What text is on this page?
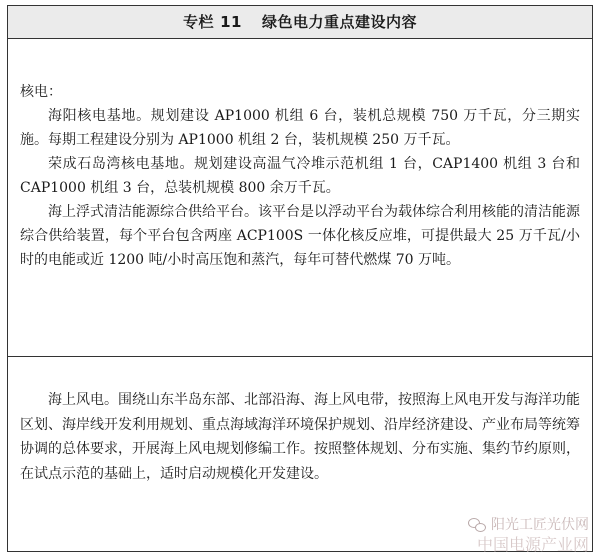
专栏 11 绿色电力重点建设内容

核电：

海阳核电基地。规划建设 AP1000 机组 6 台，装机总规模 750 万千瓦，分三期实施。每期工程建设分别为 AP1000 机组 2 台，装机规模 250 万千瓦。

荣成石岛湾核电基地。规划建设高温气冷堆示范机组 1 台，CAP1400 机组 3 台和 CAP1000 机组 3 台，总装机规模 800 余万千瓦。

海上浮式清洁能源综合供给平台。该平台是以浮动平台为载体综合利用核能的清洁能源综合供给装置，每个平台包含两座 ACP100S 一体化核反应堆，可提供最大 25 万千瓦/小时的电能或近 1200 吨/小时高压饱和蒸汽，每年可替代燃煤 70 万吨。

海上风电。围绕山东半岛东部、北部沿海、海上风电带，按照海上风电开发与海洋功能区划、海岸线开发利用规划、重点海域海洋环境保护规划、沿岸经济建设、产业布局等统筹协调的总体要求，开展海上风电规划修编工作。按照整体规划、分布实施、集约节约原则，在试点示范的基础上，适时启动规模化开发建设。

阳光工匠光伏网
中国电源产业网
